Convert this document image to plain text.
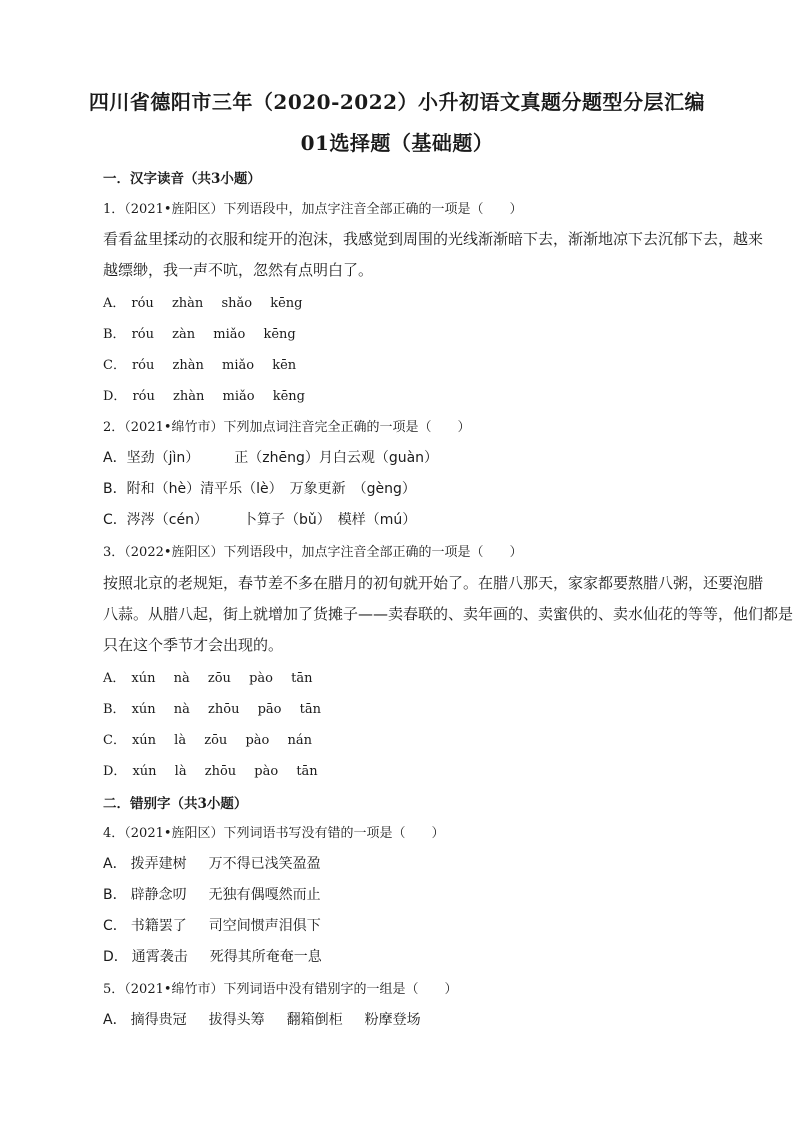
四川省德阳市三年（2020-2022）小升初语文真题分题型分层汇编
01选择题（基础题）
一．汉字读音（共3小题）
1．（2021•旌阳区）下列语段中，加点字注音全部正确的一项是（　　）
看看盆里揉动的衣服和绽开的泡沫，我感觉到周围的光线渐渐暗下去，渐渐地凉下去沉郁下去，越来
越缥缈，我一声不吭，忽然有点明白了。
A． róu zhàn shǎo kēng
B． róu zàn miǎo kēng
C． róu zhàn miǎo kēn
D． róu zhàn miǎo kēng
2．（2021•绵竹市）下列加点词注音完全正确的一项是（　　）
A．坚劲（jìn）　　　正（zhēng）月白云观（guàn）
B．附和（hè）清平乐（lè）　万象更新　（gèng）
C．涔涔（cén）　　　卜算子（bǔ）　模样（mú）
3．（2022•旌阳区）下列语段中，加点字注音全部正确的一项是（　　）
按照北京的老规矩，春节差不多在腊月的初旬就开始了。在腊八那天，家家都要熬腊八粥，还要泡腊
八蒜。从腊八起，街上就增加了货摊子——卖春联的、卖年画的、卖蜜供的、卖水仙花的等等，他们都是
只在这个季节才会出现的。
A． xún nà zōu pào tān
B． xún nà zhōu pāo tān
C． xún là zōu pào nán
D． xún là zhōu pào tān
二．错别字（共3小题）
4．（2021•旌阳区）下列词语书写没有错的一项是（　　）
A． 拨弄建树 万不得已浅笑盈盈
B． 辟静念叨 无独有偶嘎然而止
C． 书籍罢了 司空间惯声泪俱下
D． 通霄袭击 死得其所奄奄一息
5．（2021•绵竹市）下列词语中没有错别字的一组是（　　）
A． 摘得贵冠 拔得头筹 翻箱倒柜 粉摩登场
